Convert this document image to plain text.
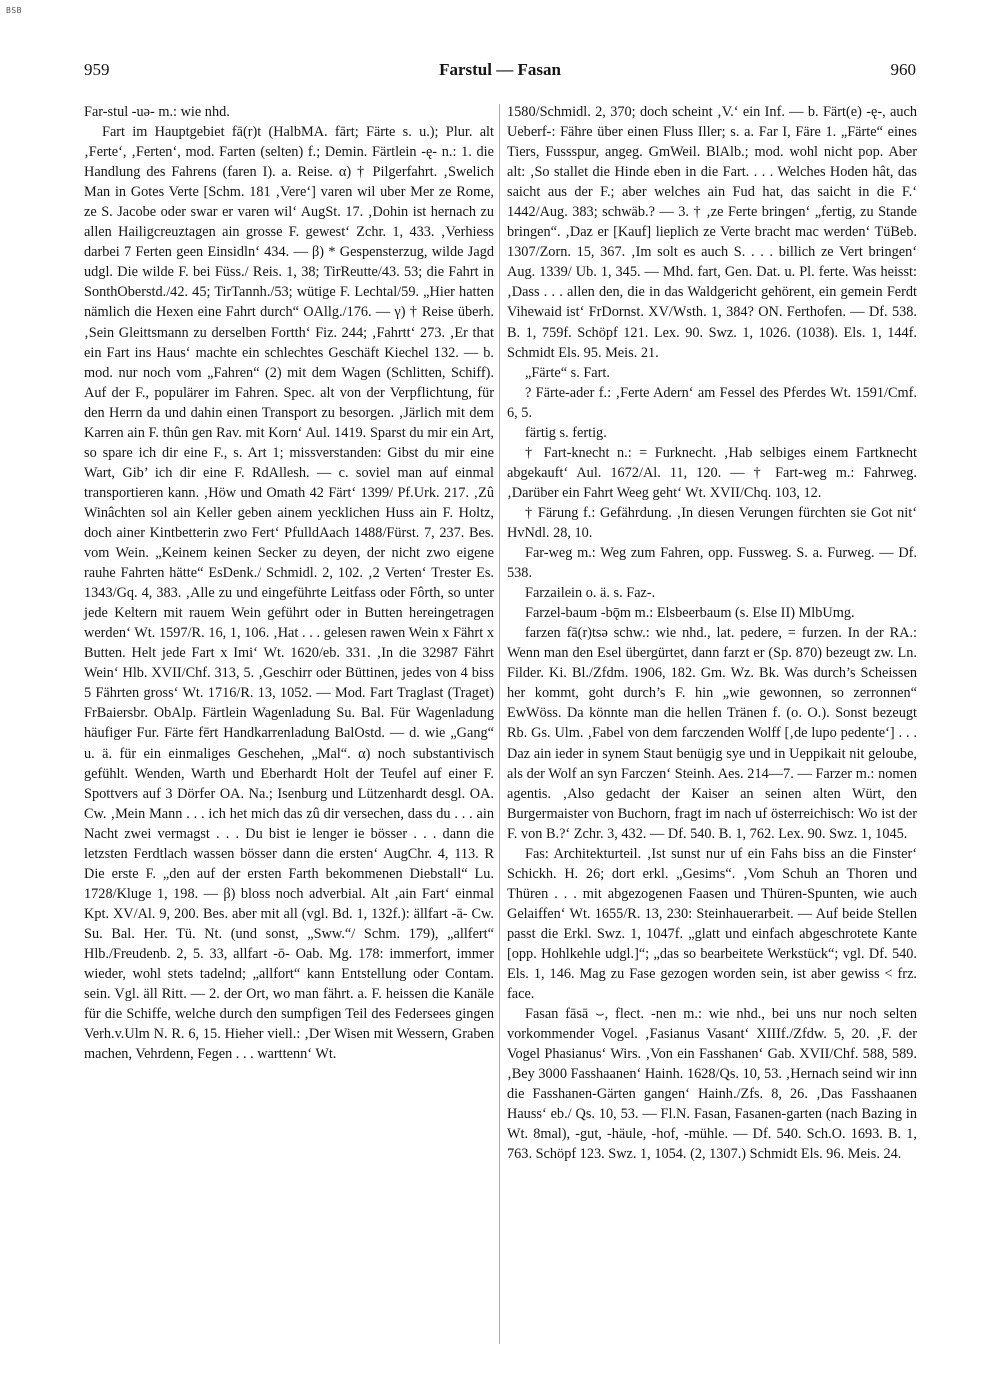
BSB
959	Farstul — Fasan	960

Far-stul -uə- m.: wie nhd.

Fart im Hauptgebiet fā(r)t (HalbMA. fārt; Färte s. u.); Plur. alt ‚Ferte‘, ‚Ferten‘, mod. Farten (selten) f.; Demin. Färtlein -ę- n.: 1. die Handlung des Fahrens (faren I). a. Reise. α) † Pilgerfahrt. ‚Swelich Man in Gotes Verte [Schm. 181 ‚Vere‘] varen wil uber Mer ze Rome, ze S. Jacobe oder swar er varen wil‘ AugSt. 17. ‚Dohin ist hernach zu allen Hailigcreuztagen ain grosse F. gewest‘ Zchr. 1, 433. ‚Verhiess darbei 7 Ferten geen Einsidln‘ 434. — β) * Gespensterzug, wilde Jagd udgl. Die wilde F. bei Füss./ Reis. 1, 38; TirReutte/43. 53; die Fahrt in SonthOberstd./42. 45; TirTannh./53; wütige F. Lechtal/59. „Hier hatten nämlich die Hexen eine Fahrt durch“ OAllg./176. — γ) † Reise überh. ‚Sein Gleittsmann zu derselben Fortth‘ Fiz. 244; ‚Fahrtt‘ 273. ‚Er that ein Fart ins Haus‘ machte ein schlechtes Geschäft Kiechel 132. — b. mod. nur noch vom „Fahren“ (2) mit dem Wagen (Schlitten, Schiff). Auf der F., populärer im Fahren. Spec. alt von der Verpflichtung, für den Herrn da und dahin einen Transport zu besorgen. ‚Järlich mit dem Karren ain F. thûn gen Rav. mit Korn‘ Aul. 1419. Sparst du mir ein Art, so spare ich dir eine F., s. Art 1; missverstanden: Gibst du mir eine Wart, Gib’ ich dir eine F. RdAllesh. — c. soviel man auf einmal transportieren kann. ‚Höw und Omath 42 Färt‘ 1399/ Pf.Urk. 217. ‚Zû Winâchten sol ain Keller geben ainem yecklichen Huss ain F. Holtz, doch ainer Kintbetterin zwo Fert‘ PfulldAach 1488/Fürst. 7, 237. Bes. vom Wein. „Keinem keinen Secker zu deyen, der nicht zwo eigene rauhe Fahrten hätte“ EsDenk./ Schmidl. 2, 102. ‚2 Verten‘ Trester Es. 1343/Gq. 4, 383. ‚Alle zu und eingeführte Leitfass oder Fôrth, so unter jede Keltern mit rauem Wein geführt oder in Butten hereingetragen werden‘ Wt. 1597/R. 16, 1, 106. ‚Hat . . . gelesen rawen Wein x Fährt x Butten. Helt jede Fart x Imi‘ Wt. 1620/eb. 331. ‚In die 32987 Fährt Wein‘ Hlb. XVII/Chf. 313, 5. ‚Geschirr oder Büttinen, jedes von 4 biss 5 Fährten gross‘ Wt. 1716/R. 13, 1052. — Mod. Fart Traglast (Traget) FrBaiersbr. ObAlp. Färtlein Wagenladung Su. Bal. Für Wagenladung häufiger Fur. Färte fērt Handkarrenladung BalOstd. — d. wie „Gang“ u. ä. für ein einmaliges Geschehen, „Mal“. α) noch substantivisch gefühlt. Wenden, Warth und Eberhardt Holt der Teufel auf einer F. Spottvers auf 3 Dörfer OA. Na.; Isenburg und Lützenhardt desgl. OA. Cw. ‚Mein Mann . . . ich het mich das zû dir versechen, dass du . . . ain Nacht zwei vermagst . . . Du bist ie lenger ie bösser . . . dann die letzsten Ferdtlach wassen bösser dann die ersten‘ AugChr. 4, 113. R Die erste F. „den auf der ersten Farth bekommenen Diebstall“ Lu. 1728/Kluge 1, 198. — β) bloss noch adverbial. Alt ‚ain Fart‘ einmal Kpt. XV/Al. 9, 200. Bes. aber mit all (vgl. Bd. 1, 132f.): ällfart -ā- Cw. Su. Bal. Her. Tü. Nt. (und sonst, „Sww.“/ Schm. 179), „allfert“ Hlb./Freudenb. 2, 5. 33, allfart -ō- Oab. Mg. 178: immerfort, immer wieder, wohl stets tadelnd; „allfort“ kann Entstellung oder Contam. sein. Vgl. äll Ritt. — 2. der Ort, wo man fährt. a. F. heissen die Kanäle für die Schiffe, welche durch den sumpfigen Teil des Federsees gingen Verh.v.Ulm N. R. 6, 15. Hieher viell.: ‚Der Wisen mit Wessern, Graben machen, Vehrdenn, Fegen . . . warttenn‘ Wt.

1580/Schmidl. 2, 370; doch scheint ‚V.‘ ein Inf. — b. Färt(e) -ę-, auch Ueberf-: Fähre über einen Fluss Iller; s. a. Far I, Färe 1. „Färte“ eines Tiers, Fussspur, angeg. GmWeil. BlAlb.; mod. wohl nicht pop. Aber alt: ‚So stallet die Hinde eben in die Fart. . . . Welches Hoden hât, das saicht aus der F.; aber welches ain Fud hat, das saicht in die F.‘ 1442/Aug. 383; schwäb.? — 3. † ‚ze Ferte bringen‘ „fertig, zu Stande bringen“. ‚Daz er [Kauf] lieplich ze Verte bracht mac werden‘ TüBeb. 1307/Zorn. 15, 367. ‚Im solt es auch S. . . . billich ze Vert bringen‘ Aug. 1339/ Ub. 1, 345. — Mhd. fart, Gen. Dat. u. Pl. ferte. Was heisst: ‚Dass . . . allen den, die in das Waldgericht gehörent, ein gemein Ferdt Vihewaid ist‘ FrDornst. XV/Wsth. 1, 384? ON. Ferthofen. — Df. 538. B. 1, 759f. Schöpf 121. Lex. 90. Swz. 1, 1026. (1038). Els. 1, 144f. Schmidt Els. 95. Meis. 21.

„Färte“ s. Fart.

? Färte-ader f.: ‚Ferte Adern‘ am Fessel des Pferdes Wt. 1591/Cmf. 6, 5.

färtig s. fertig.

† Fart-knecht n.: = Furknecht. ‚Hab selbiges einem Fartknecht abgekauft‘ Aul. 1672/Al. 11, 120. — † Fart-weg m.: Fahrweg. ‚Darüber ein Fahrt Weeg geht‘ Wt. XVII/Chq. 103, 12.

† Färung f.: Gefährdung. ‚In diesen Verungen fürchten sie Got nit‘ HvNdl. 28, 10.

Far-weg m.: Weg zum Fahren, opp. Fussweg. S. a. Furweg. — Df. 538.

Farzailein o. ä. s. Faz-.

Farzel-baum -bǭm m.: Elsbeerbaum (s. Else II) MlbUmg.

farzen fā(r)tsə schw.: wie nhd., lat. pedere, = furzen. In der RA.: Wenn man den Esel übergürtet, dann farzt er (Sp. 870) bezeugt zw. Ln. Filder. Ki. Bl./Zfdm. 1906, 182. Gm. Wz. Bk. Was durch’s Scheissen her kommt, goht durch’s F. hin „wie gewonnen, so zerronnen“ EwWöss. Da könnte man die hellen Tränen f. (o. O.). Sonst bezeugt Rb. Gs. Ulm. ‚Fabel von dem farczenden Wolff [‚de lupo pedente‘] . . . Daz ain ieder in synem Staut benügig sye und in Ueppikait nit geloube, als der Wolf an syn Farczen‘ Steinh. Aes. 214—7. — Farzer m.: nomen agentis. ‚Also gedacht der Kaiser an seinen alten Würt, den Burgermaister von Buchorn, fragt im nach uf österreichisch: Wo ist der F. von B.?‘ Zchr. 3, 432. — Df. 540. B. 1, 762. Lex. 90. Swz. 1, 1045.

Fas: Architekturteil. ‚Ist sunst nur uf ein Fahs biss an die Finster‘ Schickh. H. 26; dort erkl. „Gesims“. ‚Vom Schuh an Thoren und Thüren . . . mit abgezogenen Faasen und Thüren-Spunten, wie auch Gelaiffen‘ Wt. 1655/R. 13, 230: Steinhauerarbeit. — Auf beide Stellen passt die Erkl. Swz. 1, 1047f. „glatt und einfach abgeschrotete Kante [opp. Hohlkehle udgl.]“; „das so bearbeitete Werkstück“; vgl. Df. 540. Els. 1, 146. Mag zu Fase gezogen worden sein, ist aber gewiss < frz. face.

Fasan fāsā ⌣, flect. -nen m.: wie nhd., bei uns nur noch selten vorkommender Vogel. ‚Fasianus Vasant‘ XIIIf./Zfdw. 5, 20. ‚F. der Vogel Phasianus‘ Wirs. ‚Von ein Fasshanen‘ Gab. XVII/Chf. 588, 589. ‚Bey 3000 Fasshaanen‘ Hainh. 1628/Qs. 10, 53. ‚Hernach seind wir inn die Fasshanen-Gärten gangen‘ Hainh./Zfs. 8, 26. ‚Das Fasshaanen Hauss‘ eb./ Qs. 10, 53. — Fl.N. Fasan, Fasanen-garten (nach Bazing in Wt. 8mal), -gut, -häule, -hof, -mühle. — Df. 540. Sch.O. 1693. B. 1, 763. Schöpf 123. Swz. 1, 1054. (2, 1307.) Schmidt Els. 96. Meis. 24.
